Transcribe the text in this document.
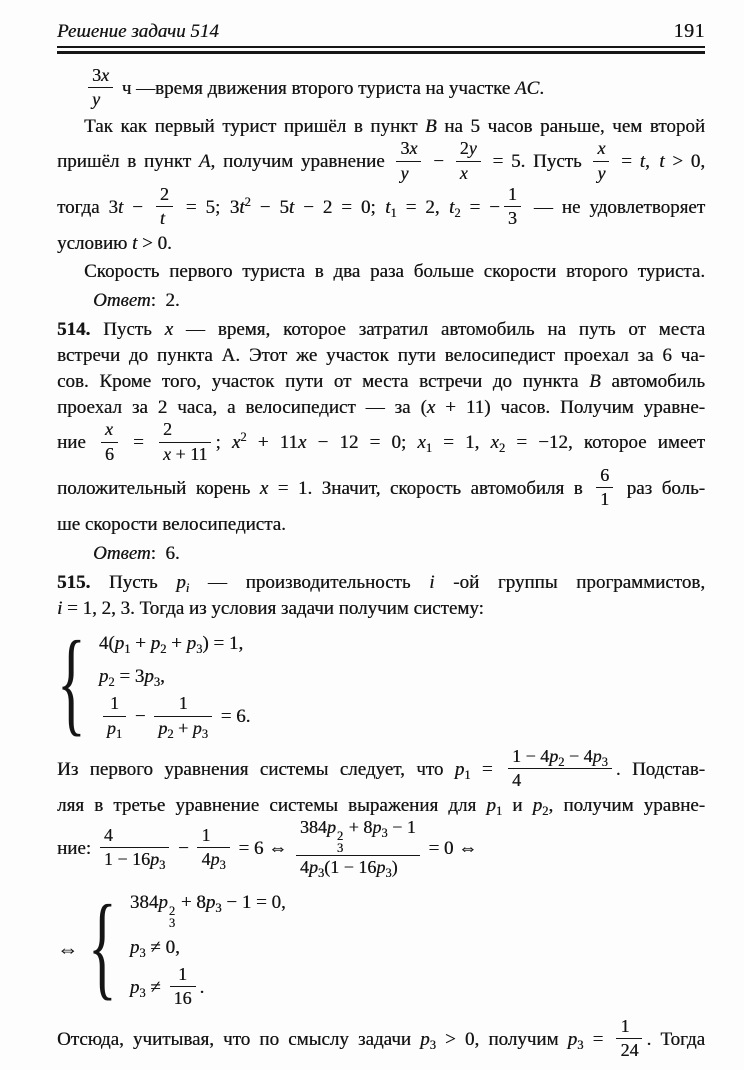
Решение задачи 514	191
$\frac{3x}{y}$ ч —время движения второго туриста на участке AC.
Так как первый турист пришёл в пункт B на 5 часов раньше, чем второй
пришёл в пункт A, получим уравнение $\frac{3x}{y} - \frac{2y}{x} = 5$. Пусть $\frac{x}{y} = t$, t > 0,
тогда $3t - \frac{2}{t} = 5$; $3t^2 - 5t - 2 = 0$; $t_1 = 2$, $t_2$ = − $\frac{1}{3}$ — не удовлетворяет
условию t > 0.
Скорость первого туриста в два раза больше скорости второго туриста.
Ответ: 2.
514. Пусть x — время, которое затратил автомобиль на путь от места
встречи до пункта А. Этот же участок пути велосипедист проехал за 6 ча-
сов. Кроме того, участок пути от места встречи до пункта B автомобиль
проехал за 2 часа, а велосипедист — за (x + 11) часов. Получим уравне-
ние $\frac{x}{6} = \frac{2}{x + 11}$ ; $x^2 + 11x - 12 = 0$; $x_1 = 1$, $x_2 = -12$, которое имеет
положительный корень x = 1. Значит, скорость автомобиля в $\frac{6}{1}$ раз боль-
ше скорости велосипедиста.
Ответ: 6.
515. Пусть $p_i$ — производительность i -ой группы программистов,
i = 1, 2, 3. Тогда из условия задачи получим систему:
{ $4(p_1 + p_2 + p_3) = 1$,
$p_2 = 3p_3$,
$\frac{1}{p_1} - \frac{1}{p_2 + p_3} = 6$.
Из первого уравнения системы следует, что $p_1 = \frac{1 - 4p_2 - 4p_3}{4}$ . Подстав-
ляя в третье уравнение системы выражения для $p_1$ и $p_2$, получим уравне-
ние: $\frac{4}{1 - 16p_3} - \frac{1}{4p_3} = 6$ ⇔ 384p 2
3
+ $8p_3 - 1$
$4p_3(1 - 16p_3) = 0$ ⇔
⇔ { 384p 2
3
+ $8p_3 - 1 = 0$,
$p_3 \ne 0$,
$p_3 \ne \frac{1}{16}$ .
Отсюда, учитывая, что по смыслу задачи $p_3 > 0$, получим $p_3 = \frac{1}{24}$ . Тогда
